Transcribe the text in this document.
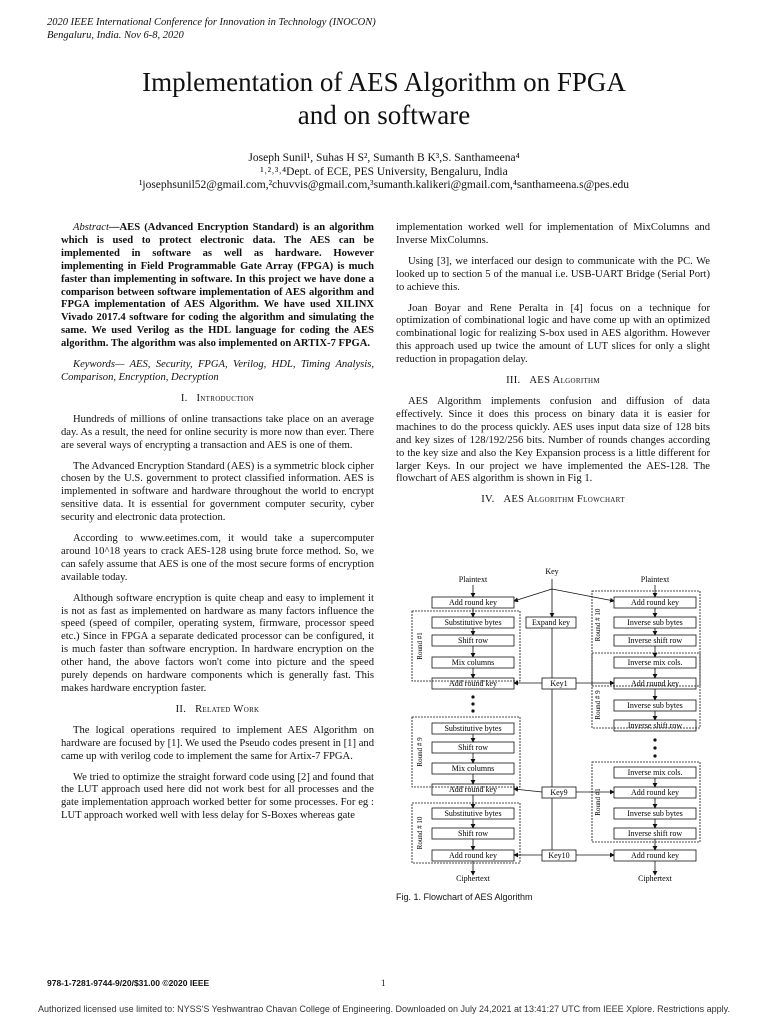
2020 IEEE International Conference for Innovation in Technology (INOCON)
Bengaluru, India. Nov 6-8, 2020
Implementation of AES Algorithm on FPGA
and on software
Joseph Sunil¹, Suhas H S², Sumanth B K³,S. Santhameena⁴
¹˒²˒³˒⁴Dept. of ECE, PES University, Bengaluru, India
¹josephsunil52@gmail.com,²chuvvis@gmail.com,³sumanth.kalikeri@gmail.com,⁴santhameena.s@pes.edu

Abstract—AES (Advanced Encryption Standard) is an algorithm which is used to protect electronic data. The AES can be implemented in software as well as hardware. However implementing in Field Programmable Gate Array (FPGA) is much faster than implementing in software. In this project we have done a comparison between software implementation of AES algorithm and FPGA implementation of AES Algorithm. We have used XILINX Vivado 2017.4 software for coding the algorithm and simulating the same. We used Verilog as the HDL language for coding the AES algorithm. The algorithm was also implemented on ARTIX-7 FPGA.

Keywords— AES, Security, FPGA, Verilog, HDL, Timing Analysis, Comparison, Encryption, Decryption

I. Introduction

Hundreds of millions of online transactions take place on an average day. As a result, the need for online security is more now than ever. There are several ways of encrypting a transaction and AES is one of them.

The Advanced Encryption Standard (AES) is a symmetric block cipher chosen by the U.S. government to protect classified information. AES is implemented in software and hardware throughout the world to encrypt sensitive data. It is essential for government computer security, cyber security and electronic data protection.

According to www.eetimes.com, it would take a supercomputer around 10^18 years to crack AES-128 using brute force method. So, we can safely assume that AES is one of the most secure forms of encryption available today.

Although software encryption is quite cheap and easy to implement it is not as fast as implemented on hardware as many factors influence the speed (speed of compiler, operating system, firmware, processor speed etc.) Since in FPGA a separate dedicated processor can be configured, it is much faster than software encryption. In hardware encryption on the other hand, the above factors won't come into picture and the speed purely depends on hardware components which is generally fast. This makes hardware encryption faster.

II. Related Work

The logical operations required to implement AES Algorithm on hardware are focused by [1]. We used the Pseudo codes present in [1] and came up with verilog code to implement the same for Artix-7 FPGA.

We tried to optimize the straight forward code using [2] and found that the LUT approach used here did not work best for all processes and the gate implementation approach worked better for some processes. For eg : LUT approach worked well with less delay for S-Boxes whereas gate

implementation worked well for implementation of MixColumns and Inverse MixColumns.

Using [3], we interfaced our design to communicate with the PC. We looked up to section 5 of the manual i.e. USB-UART Bridge (Serial Port) to achieve this.

Joan Boyar and Rene Peralta in [4] focus on a technique for optimization of combinational logic and have come up with an optimized combinational logic for realizing S-box used in AES algorithm. However this approach used up twice the amount of LUT slices for only a slight reduction in propagation delay.

III. AES Algorithm

AES Algorithm implements confusion and diffusion of data effectively. Since it does this process on binary data it is easier for machines to do the process quickly. AES uses input data size of 128 bits and key sizes of 128/192/256 bits. Number of rounds changes according to the key size and also the Key Expansion process is a little different for larger Keys. In our project we have implemented the AES-128. The flowchart of AES algorithm is shown in Fig 1.

IV. AES Algorithm Flowchart
Key
Plaintext	Plaintext
Add round key
Substitutive bytes
Shift row
Mix columns
Add round key
Substitutive bytes
Shift row
Mix columns
Add round key
Substitutive bytes
Shift row
Add round key
Ciphertext
Expand key
Key1
Key9
Key10
Add round key
Inverse sub bytes
Inverse shift row
Inverse mix cols.
Add round key
Inverse sub bytes
Inverse shift row
Inverse mix cols.
Add round key
Inverse sub bytes
Inverse shift row
Add round key
Ciphertext
Round #1
Round # 9
Round # 10
Round # 10
Round # 9
Round #1
Fig. 1. Flowchart of AES Algorithm
978-1-7281-9744-9/20/$31.00 ©2020 IEEE	1
Authorized licensed use limited to: NYSS'S Yeshwantrao Chavan College of Engineering. Downloaded on July 24,2021 at 13:41:27 UTC from IEEE Xplore. Restrictions apply.
